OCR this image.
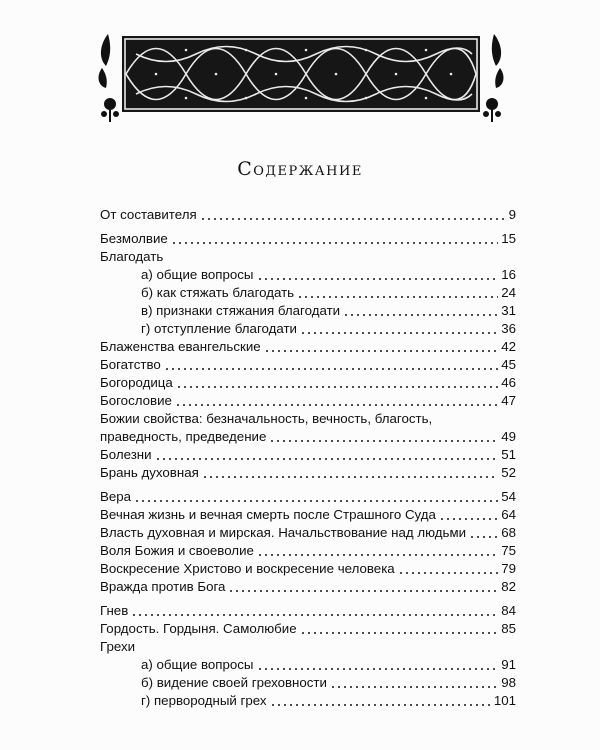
Содержание
От составителя	9
Безмолвие	15
Благодать
а) общие вопросы	16
б) как стяжать благодать	24
в) признаки стяжания благодати	31
г) отступление благодати	36
Блаженства евангельские	42
Богатство	45
Богородица	46
Богословие	47
Божии свойства: безначальность, вечность, благость,
праведность, предведение	49
Болезни	51
Брань духовная	52
Вера	54
Вечная жизнь и вечная смерть после Страшного Суда	64
Власть духовная и мирская. Начальствование над людьми	68
Воля Божия и своеволие	75
Воскресение Христово и воскресение человека	79
Вражда против Бога	82
Гнев	84
Гордость. Гордыня. Самолюбие	85
Грехи
а) общие вопросы	91
б) видение своей греховности	98
г) первородный грех	101
